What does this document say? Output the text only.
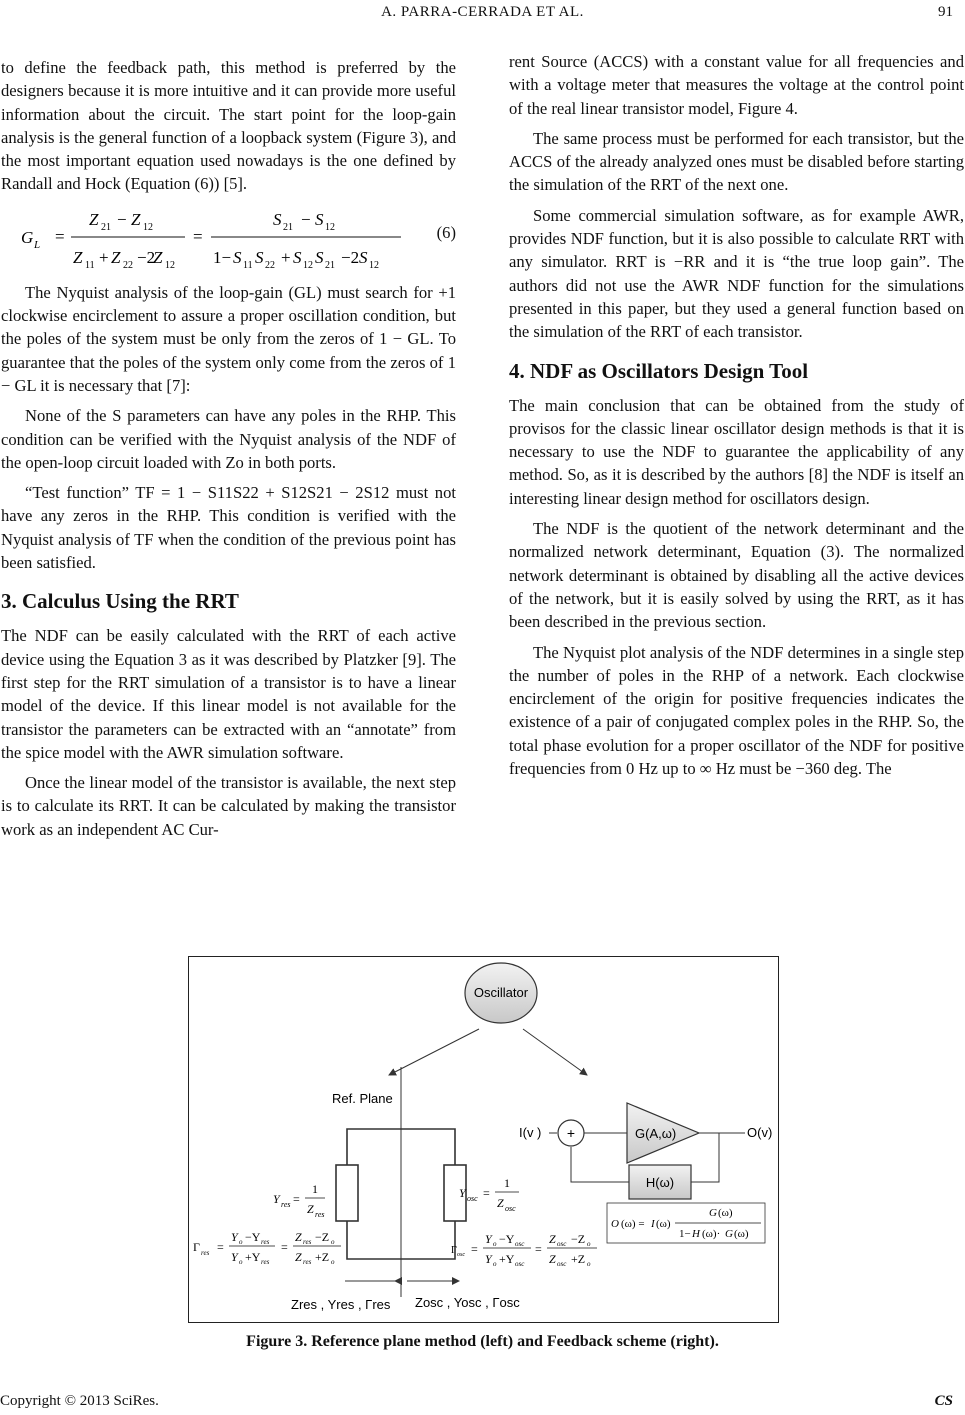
A. PARRA-CERRADA ET AL.	91

to define the feedback path, this method is preferred by the designers because it is more intuitive and it can provide more useful information about the circuit. The start point for the loop-gain analysis is the general function of a loopback system (Figure 3), and the most important equation used nowadays is the one defined by Randall and Hock (Equation (6)) [5].

G L =
Z 21 − Z 12
Z 11 + Z 22 −2
Z 12
=
S 21 − S 12
1− S 11 S 22 + S 12 S 21 −2 S 12
(6)

The Nyquist analysis of the loop-gain (GL) must search for +1 clockwise encirclement to assure a proper oscillation condition, but the poles of the system must be only from the zeros of 1 − GL. To guarantee that the poles of the system only come from the zeros of 1 − GL it is necessary that [7]:

None of the S parameters can have any poles in the RHP. This condition can be verified with the Nyquist analysis of the NDF of the open-loop circuit loaded with Zo in both ports.

“Test function” TF = 1 − S11S22 + S12S21 − 2S12 must not have any zeros in the RHP. This condition is verified with the Nyquist analysis of TF when the condition of the previous point has been satisfied.

3. Calculus Using the RRT

The NDF can be easily calculated with the RRT of each active device using the Equation 3 as it was described by Platzker [9]. The first step for the RRT simulation of a transistor is to have a linear model of the device. If this linear model is not available for the transistor the parameters can be extracted with an “annotate” from the spice model with the AWR simulation software.

Once the linear model of the transistor is available, the next step is to calculate its RRT. It can be calculated by making the transistor work as an independent AC Cur-

rent Source (ACCS) with a constant value for all frequencies and with a voltage meter that measures the voltage at the control point of the real linear transistor model, Figure 4.

The same process must be performed for each transistor, but the ACCS of the already analyzed ones must be disabled before starting the simulation of the RRT of the next one.

Some commercial simulation software, as for example AWR, provides NDF function, but it is also possible to calculate RRT with any simulator. RRT is −RR and it is “the true loop gain”. The authors did not use the AWR NDF function for the simulations presented in this paper, but they used a general function based on the simulation of the RRT of each transistor.

4. NDF as Oscillators Design Tool

The main conclusion that can be obtained from the study of provisos for the classic linear oscillator design methods is that it is necessary to use the NDF to guarantee the applicability of any method. So, as it is described by the authors [8] the NDF is itself an interesting linear design method for oscillators design.

The NDF is the quotient of the network determinant and the normalized network determinant, Equation (3). The normalized network determinant is obtained by disabling all the active devices of the network, but it is easily solved by using the RRT, as it has been described in the previous section.

The Nyquist plot analysis of the NDF determines in a single step the number of poles in the RHP of a network. Each clockwise encirclement of the origin for positive frequencies indicates the existence of a pair of conjugated complex poles in the RHP. So, the total phase evolution for a proper oscillator of the NDF for positive frequencies from 0 Hz up to ∞ Hz must be −360 deg. The

Oscillator
Ref. Plane
Y res =
1
Z res
Y osc =
1
Z osc
Γ res =
Y o −Y res
Y o +Y res
=
Z res −Z o
Z res +Z o
Γ osc =
Y o −Y osc
Y o +Y osc
=
Z osc −Z o
Z osc +Z o
Zres , Yres , Γres Zosc , Yosc , Γosc
I(v ) +	G(A,ω)	O(v)
H(ω)
O (ω) = I (ω)
G (ω)
1− H (ω)· G (ω)
Figure 3. Reference plane method (left) and Feedback scheme (right).
Copyright © 2013 SciRes.	CS
